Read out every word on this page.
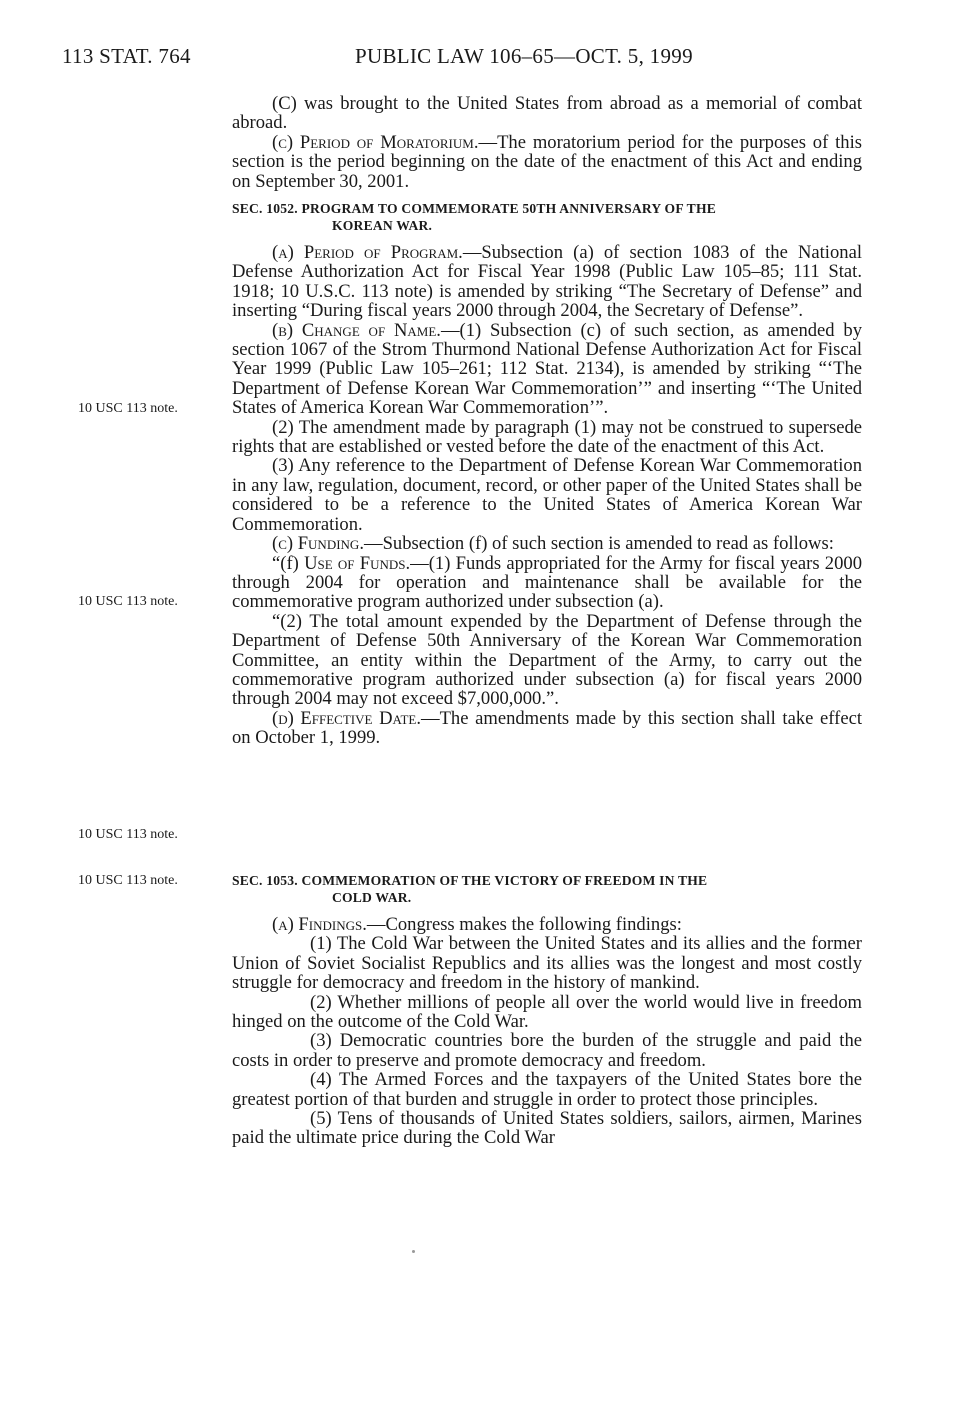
113 STAT. 764	PUBLIC LAW 106–65—OCT. 5, 1999
10 USC 113 note.
10 USC 113 note.
10 USC 113 note.
10 USC 113 note.

(C) was brought to the United States from abroad as a memorial of combat abroad.

(c) Period of Moratorium.—The moratorium period for the purposes of this section is the period beginning on the date of the enactment of this Act and ending on September 30, 2001.

SEC. 1052. PROGRAM TO COMMEMORATE 50TH ANNIVERSARY OF THE
KOREAN WAR.

(a) Period of Program.—Subsection (a) of section 1083 of the National Defense Authorization Act for Fiscal Year 1998 (Public Law 105–85; 111 Stat. 1918; 10 U.S.C. 113 note) is amended by striking “The Secretary of Defense” and inserting “During fiscal years 2000 through 2004, the Secretary of Defense”.

(b) Change of Name.—(1) Subsection (c) of such section, as amended by section 1067 of the Strom Thurmond National Defense Authorization Act for Fiscal Year 1999 (Public Law 105–261; 112 Stat. 2134), is amended by striking “‘The Department of Defense Korean War Commemoration’” and inserting “‘The United States of America Korean War Commemoration’”.

(2) The amendment made by paragraph (1) may not be construed to supersede rights that are established or vested before the date of the enactment of this Act.

(3) Any reference to the Department of Defense Korean War Commemoration in any law, regulation, document, record, or other paper of the United States shall be considered to be a reference to the United States of America Korean War Commemoration.

(c) Funding.—Subsection (f) of such section is amended to read as follows:

“(f) Use of Funds.—(1) Funds appropriated for the Army for fiscal years 2000 through 2004 for operation and maintenance shall be available for the commemorative program authorized under subsection (a).

“(2) The total amount expended by the Department of Defense through the Department of Defense 50th Anniversary of the Korean War Commemoration Committee, an entity within the Department of the Army, to carry out the commemorative program authorized under subsection (a) for fiscal years 2000 through 2004 may not exceed $7,000,000.”.

(d) Effective Date.—The amendments made by this section shall take effect on October 1, 1999.

SEC. 1053. COMMEMORATION OF THE VICTORY OF FREEDOM IN THE
COLD WAR.

(a) Findings.—Congress makes the following findings:

(1) The Cold War between the United States and its allies and the former Union of Soviet Socialist Republics and its allies was the longest and most costly struggle for democracy and freedom in the history of mankind.

(2) Whether millions of people all over the world would live in freedom hinged on the outcome of the Cold War.

(3) Democratic countries bore the burden of the struggle and paid the costs in order to preserve and promote democracy and freedom.

(4) The Armed Forces and the taxpayers of the United States bore the greatest portion of that burden and struggle in order to protect those principles.

(5) Tens of thousands of United States soldiers, sailors, airmen, Marines paid the ultimate price during the Cold War
